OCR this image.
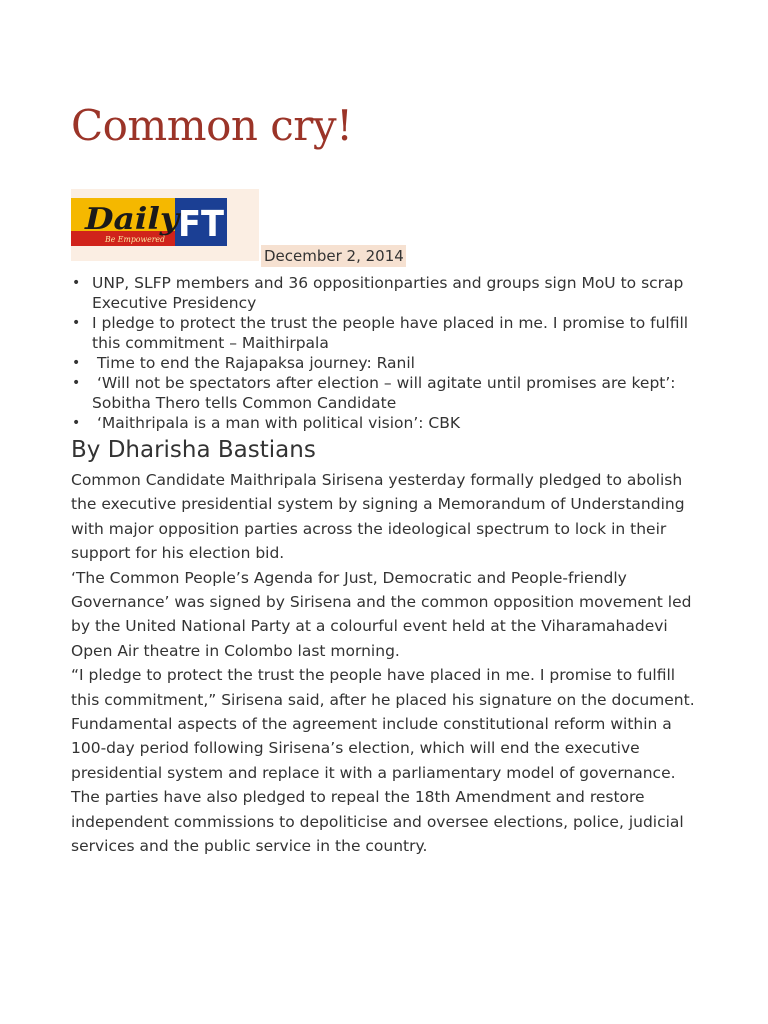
Common cry!
Daily
FT
Be Empowered
December 2, 2014
• UNP, SLFP members and 36 oppositionparties and groups sign MoU to scrap Executive Presidency
• I pledge to protect the trust the people have placed in me. I promise to fulfill this commitment – Maithirpala
• Time to end the Rajapaksa journey: Ranil
• ‘Will not be spectators after election – will agitate until promises are kept’: Sobitha Thero tells Common Candidate
• ‘Maithripala is a man with political vision’: CBK
By Dharisha Bastians

Common Candidate Maithripala Sirisena yesterday formally pledged to abolish the executive presidential system by signing a Memorandum of Understanding with major opposition parties across the ideological spectrum to lock in their support for his election bid.

‘The Common People’s Agenda for Just, Democratic and People-friendly Governance’ was signed by Sirisena and the common opposition movement led by the United National Party at a colourful event held at the Viharamahadevi Open Air theatre in Colombo last morning.

“I pledge to protect the trust the people have placed in me. I promise to fulfill this commitment,” Sirisena said, after he placed his signature on the document.

Fundamental aspects of the agreement include constitutional reform within a 100-day period following Sirisena’s election, which will end the executive presidential system and replace it with a parliamentary model of governance.

The parties have also pledged to repeal the 18th Amendment and restore independent commissions to depoliticise and oversee elections, police, judicial services and the public service in the country.
